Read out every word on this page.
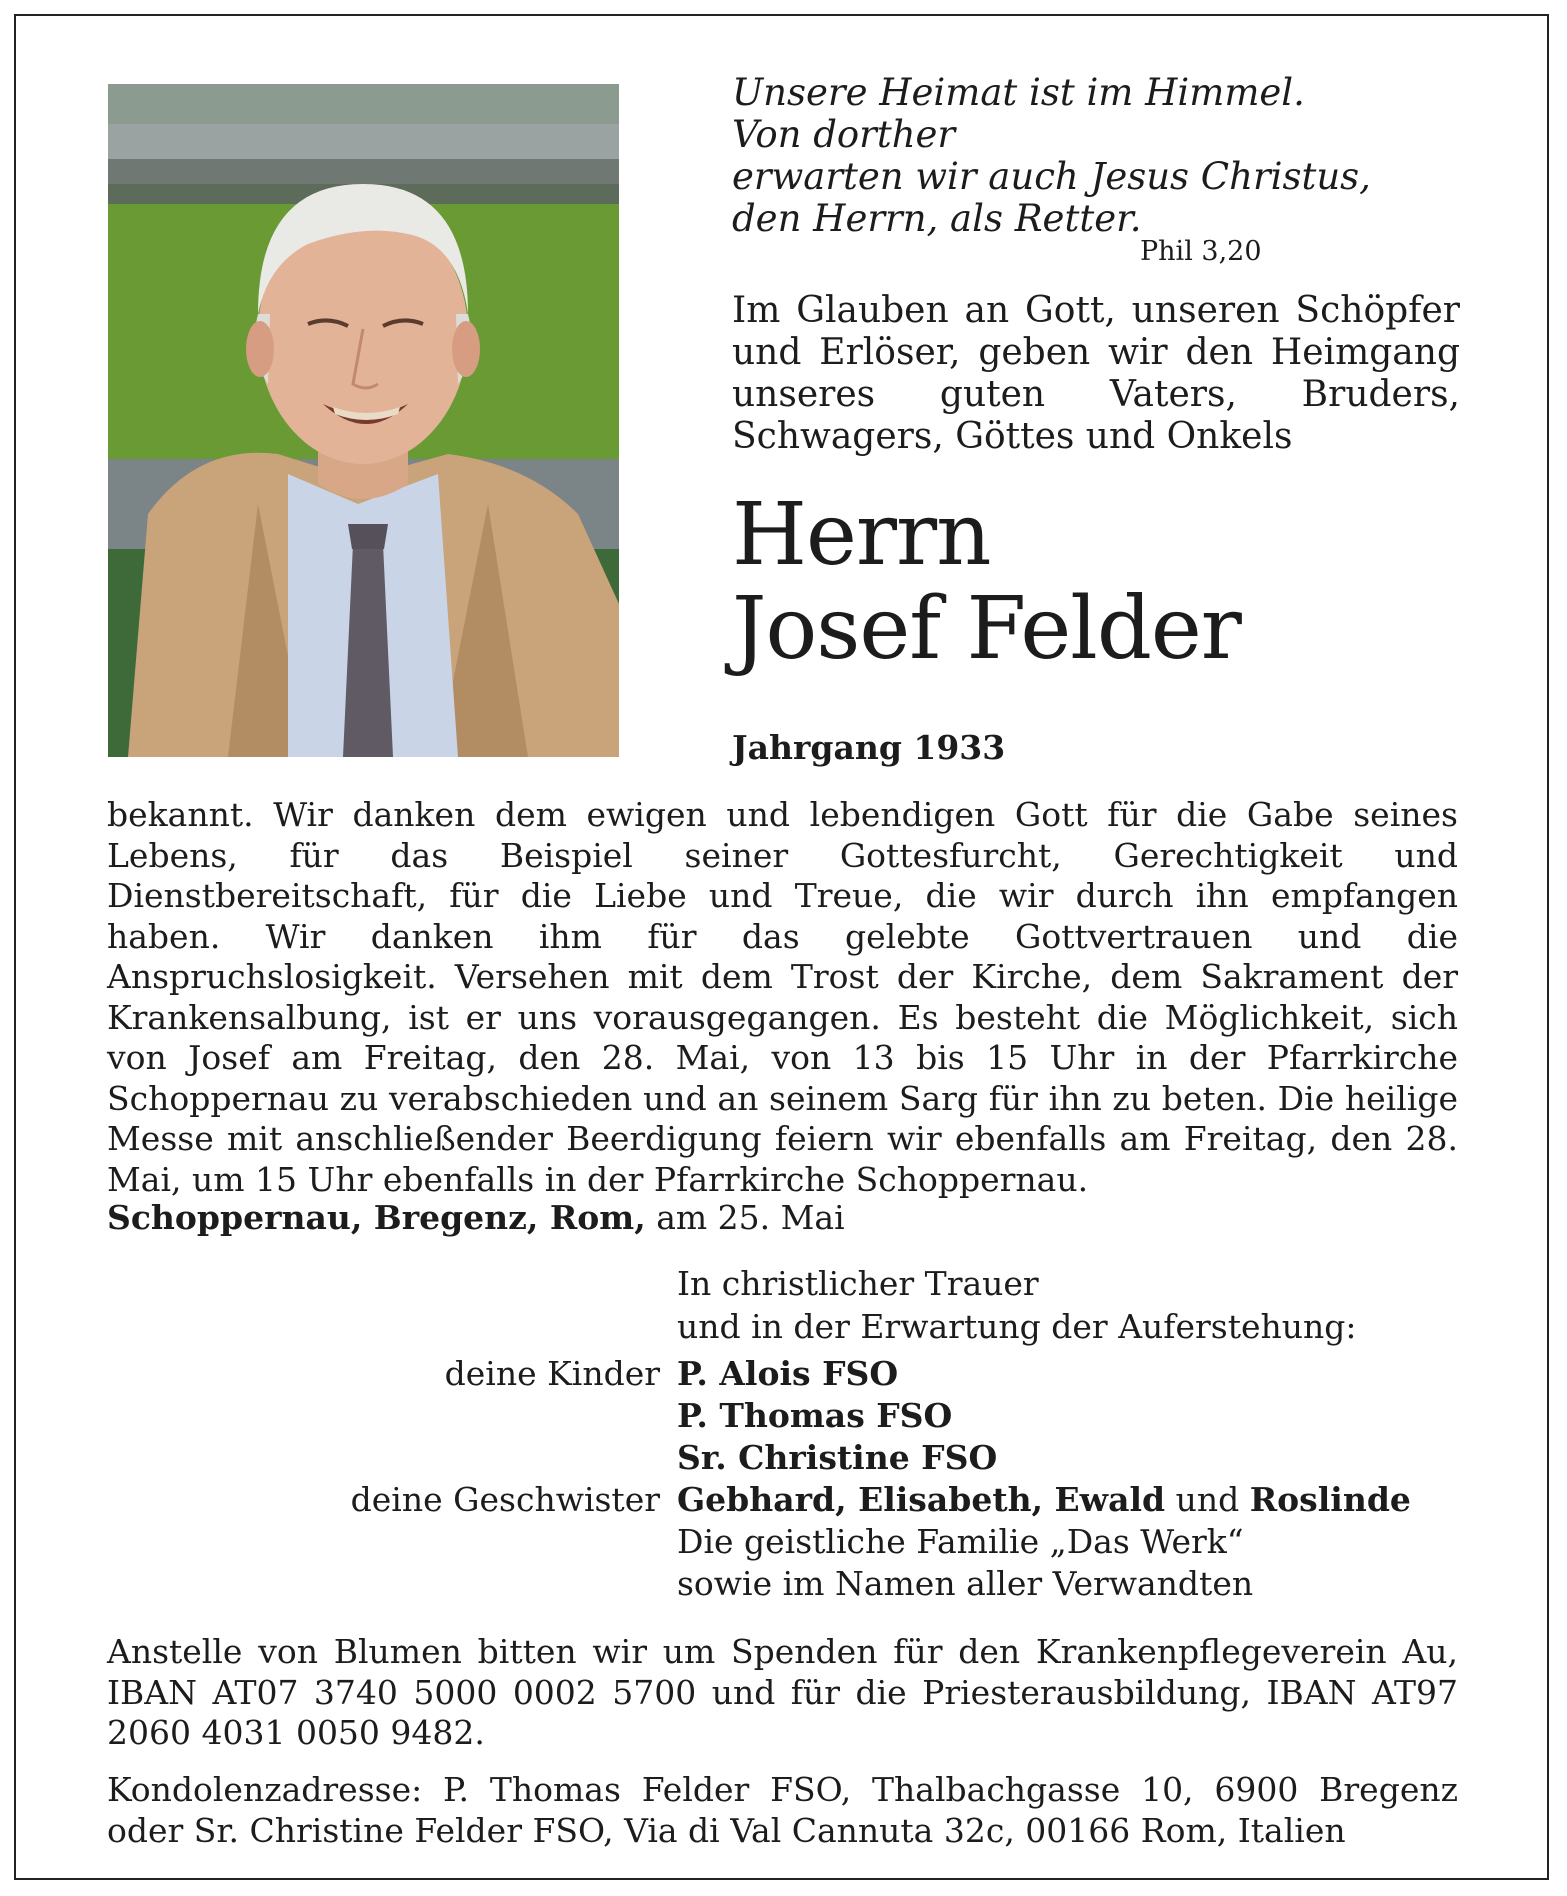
Unsere Heimat ist im Himmel.
Von dorther
erwarten wir auch Jesus Christus,
den Herrn, als Retter.
Phil 3,20
Im Glauben an Gott, unseren Schöpfer und Erlöser, geben wir den Heimgang unseres guten Vaters, Bruders, Schwagers, Göttes und Onkels
Herrn
Josef Felder
Jahrgang 1933
bekannt. Wir danken dem ewigen und lebendigen Gott für die Gabe seines Lebens, für das Beispiel seiner Gottesfurcht, Gerechtigkeit und Dienstbereitschaft, für die Liebe und Treue, die wir durch ihn empfangen haben. Wir danken ihm für das gelebte Gottvertrauen und die Anspruchslosigkeit. Versehen mit dem Trost der Kirche, dem Sakrament der Krankensalbung, ist er uns vorausgegangen. Es besteht die Möglichkeit, sich von Josef am Freitag, den 28. Mai, von 13 bis 15 Uhr in der Pfarrkirche Schoppernau zu verabschieden und an seinem Sarg für ihn zu beten. Die heilige Messe mit anschließender Beerdigung feiern wir ebenfalls am Freitag, den 28. Mai, um 15 Uhr ebenfalls in der Pfarrkirche Schoppernau.
Schoppernau, Bregenz, Rom, am 25. Mai
In christlicher Trauer
und in der Erwartung der Auferstehung:
deine Kinder P. Alois FSO
P. Thomas FSO
Sr. Christine FSO
deine Geschwister Gebhard, Elisabeth, Ewald und Roslinde
Die geistliche Familie „Das Werk“
sowie im Namen aller Verwandten
Anstelle von Blumen bitten wir um Spenden für den Krankenpflegeverein Au, IBAN AT07 3740 5000 0002 5700 und für die Priesterausbildung, IBAN AT97 2060 4031 0050 9482.
Kondolenzadresse: P. Thomas Felder FSO, Thalbachgasse 10, 6900 Bregenz oder Sr. Christine Felder FSO, Via di Val Cannuta 32c, 00166 Rom, Italien
